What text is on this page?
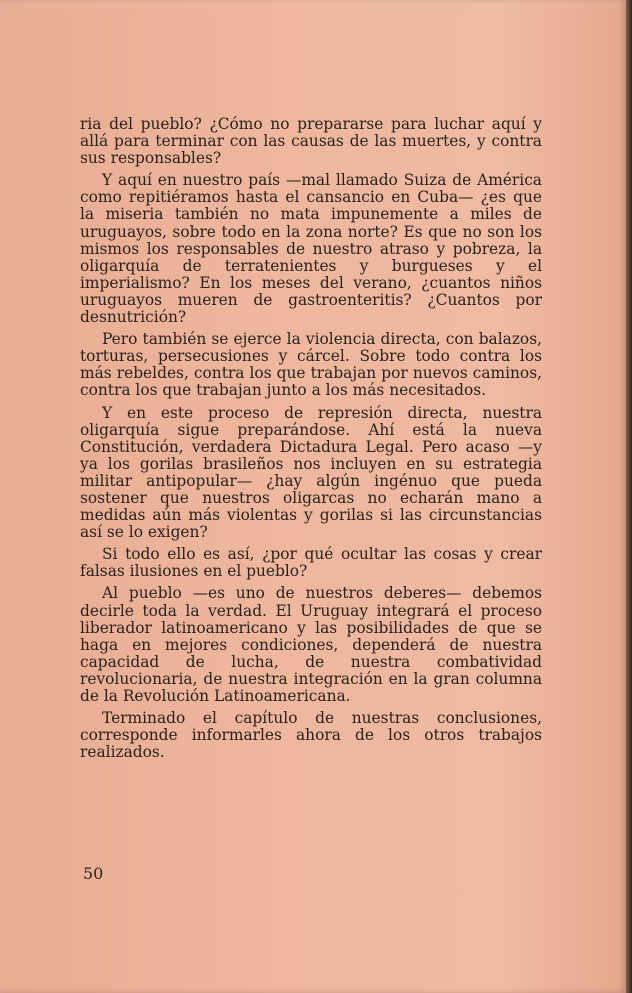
ria del pueblo? ¿Cómo no prepararse para luchar aquí y allá para terminar con las causas de las muertes, y contra sus responsables?

Y aquí en nuestro país —mal llamado Suiza de América como repitiéramos hasta el cansancio en Cuba— ¿es que la miseria también no mata impunemente a miles de uruguayos, sobre todo en la zona norte? Es que no son los mismos los responsables de nuestro atraso y pobreza, la oligarquía de terratenientes y burgueses y el imperialismo? En los meses del verano, ¿cuantos niños uruguayos mueren de gastroenteritis? ¿Cuantos por desnutrición?

Pero también se ejerce la violencia directa, con balazos, torturas, persecusiones y cárcel. Sobre todo contra los más rebeldes, contra los que trabajan por nuevos caminos, contra los que trabajan junto a los más necesitados.

Y en este proceso de represión directa, nuestra oligarquía sigue preparándose. Ahí está la nueva Constitución, verdadera Dictadura Legal. Pero acaso —y ya los gorilas brasileños nos incluyen en su estrategia militar antipopular— ¿hay algún ingénuo que pueda sostener que nuestros oligarcas no echarán mano a medidas aún más violentas y gorilas si las circunstancias así se lo exigen?

Si todo ello es así, ¿por qué ocultar las cosas y crear falsas ilusiones en el pueblo?

Al pueblo —es uno de nuestros deberes— debemos decirle toda la verdad. El Uruguay integrará el proceso liberador latinoamericano y las posibilidades de que se haga en mejores condiciones, dependerá de nuestra capacidad de lucha, de nuestra combatividad revolucionaria, de nuestra integración en la gran columna de la Revolución Latinoamericana.

Terminado el capítulo de nuestras conclusiones, corresponde informarles ahora de los otros trabajos realizados.

50
